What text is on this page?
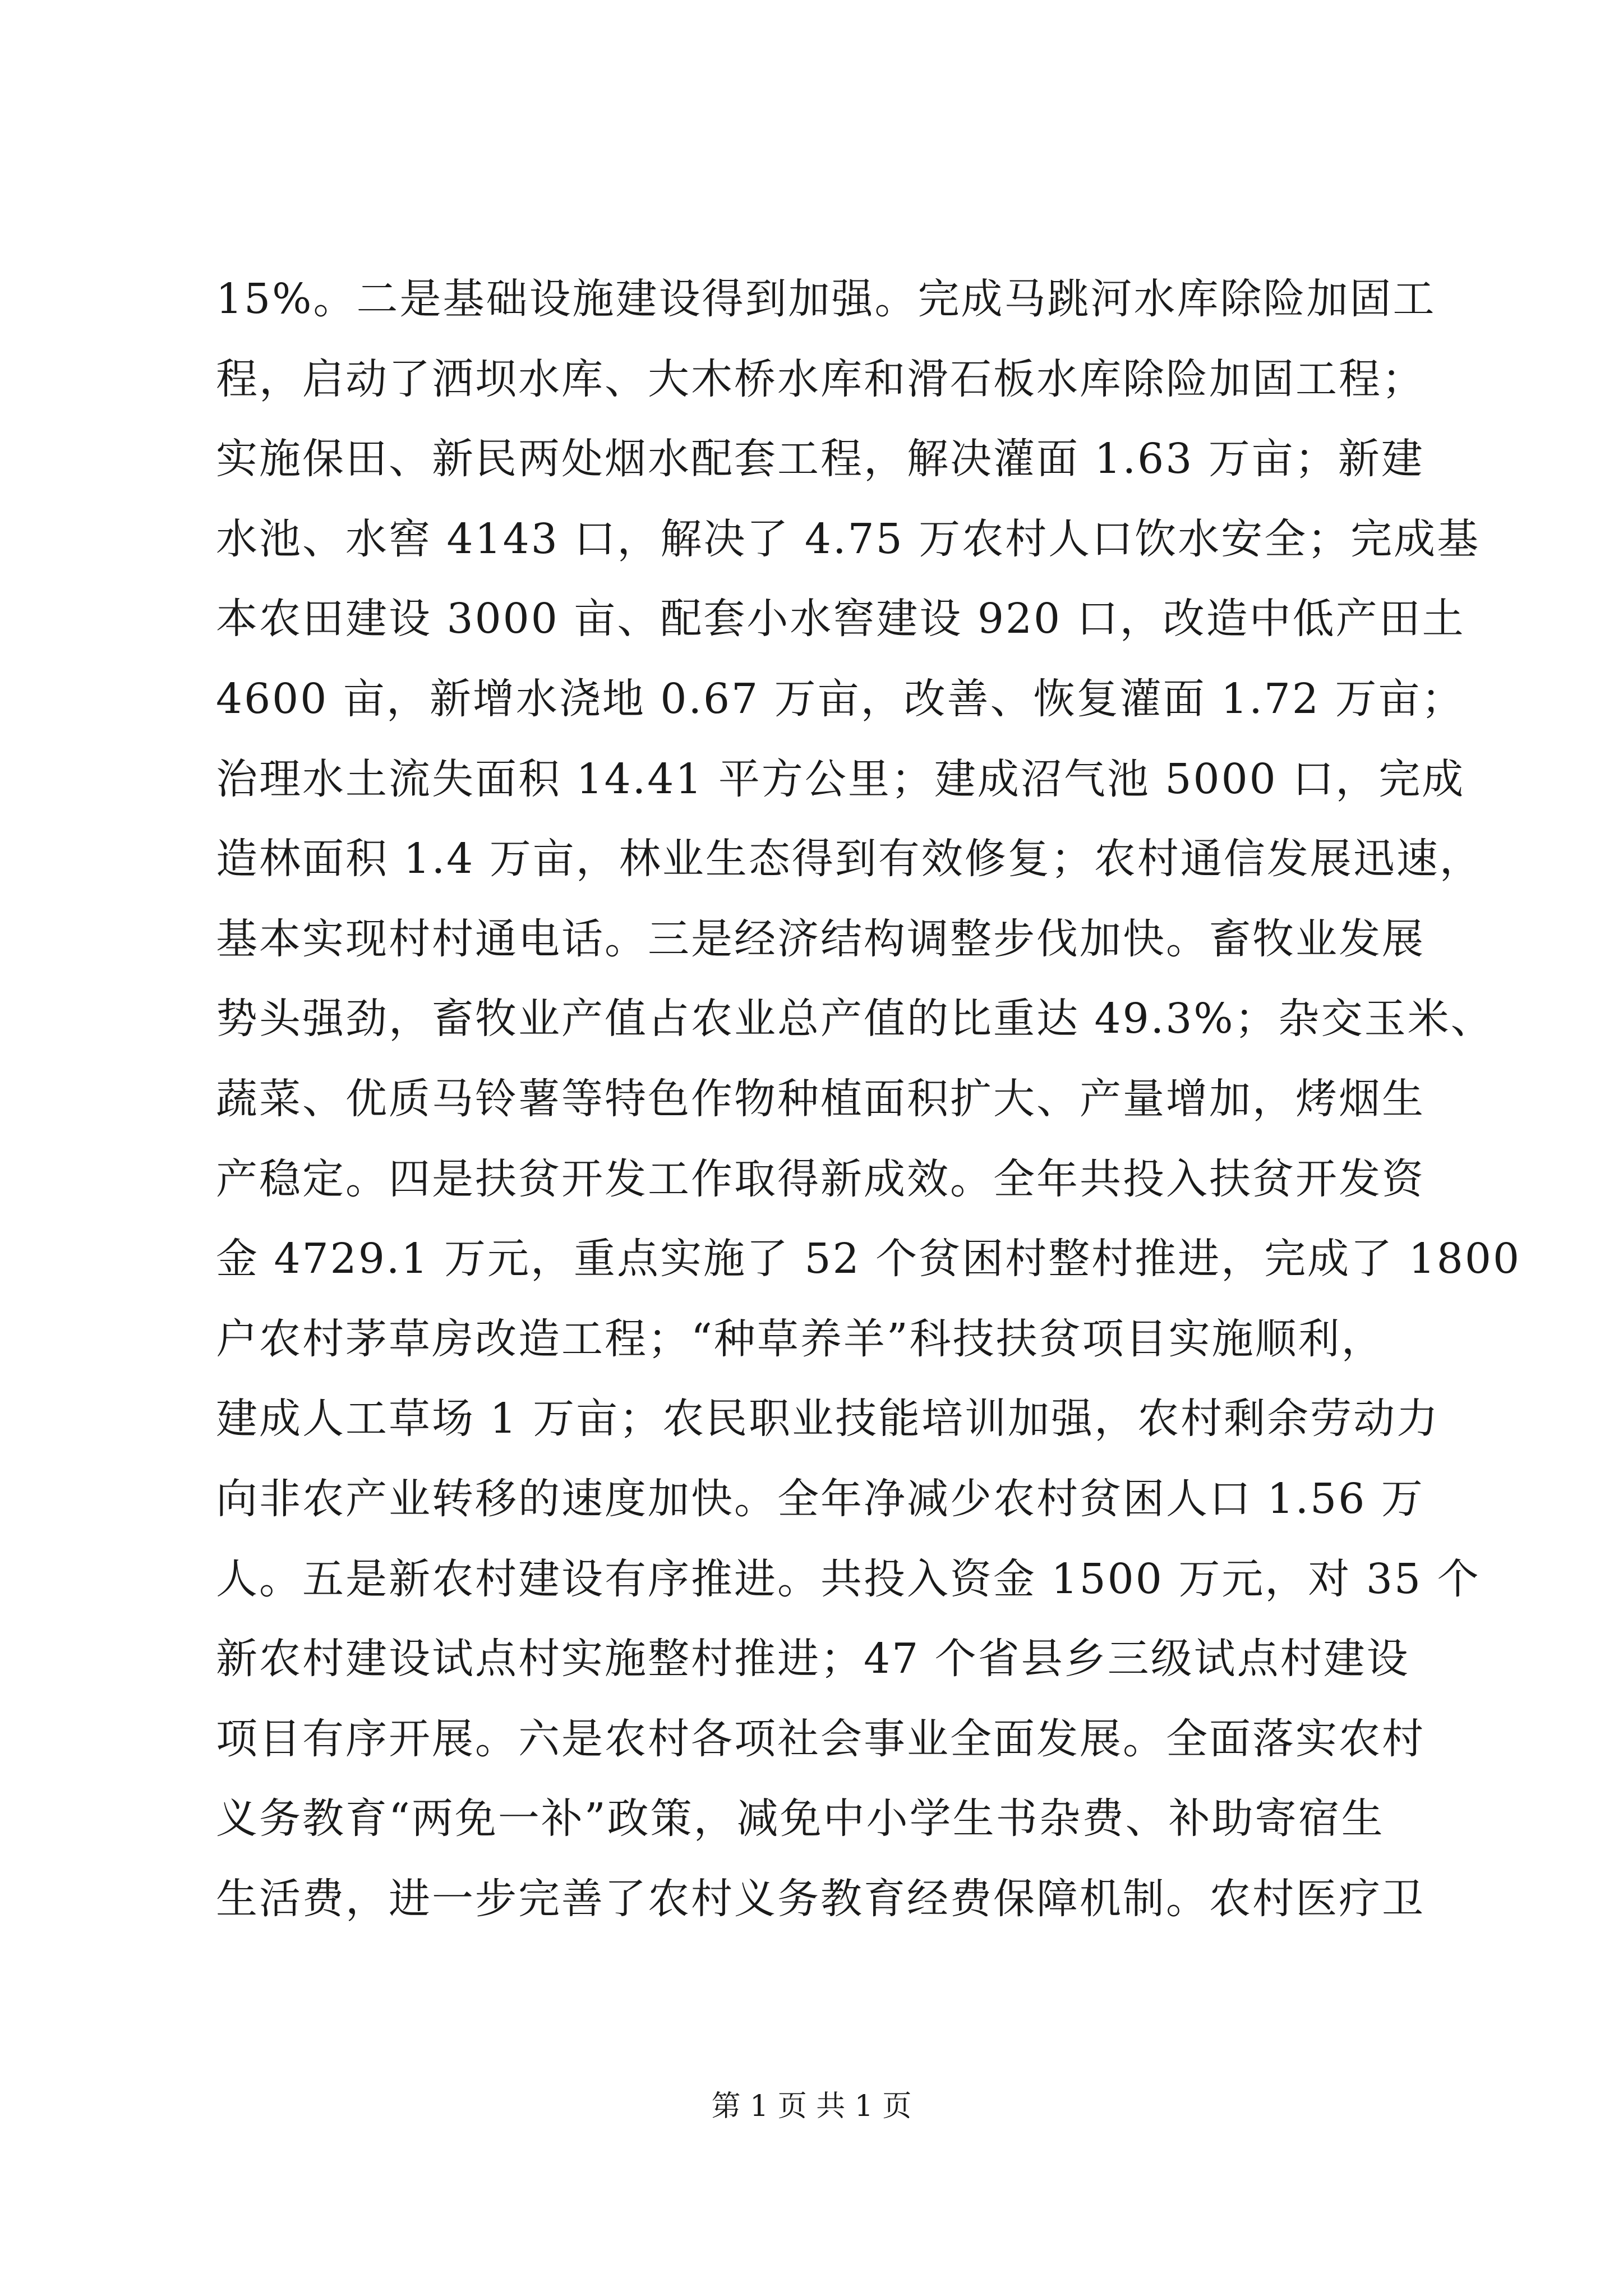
15%。二是基础设施建设得到加强。完成马跳河水库除险加固工
程，启动了洒坝水库、大木桥水库和滑石板水库除险加固工程；
实施保田、新民两处烟水配套工程，解决灌面 1.63 万亩；新建
水池、水窖 4143 口，解决了 4.75 万农村人口饮水安全；完成基
本农田建设 3000 亩、配套小水窖建设 920 口，改造中低产田土
4600 亩，新增水浇地 0.67 万亩，改善、恢复灌面 1.72 万亩；
治理水土流失面积 14.41 平方公里；建成沼气池 5000 口，完成
造林面积 1.4 万亩，林业生态得到有效修复；农村通信发展迅速，
基本实现村村通电话。三是经济结构调整步伐加快。畜牧业发展
势头强劲，畜牧业产值占农业总产值的比重达 49.3%；杂交玉米、
蔬菜、优质马铃薯等特色作物种植面积扩大、产量增加，烤烟生
产稳定。四是扶贫开发工作取得新成效。全年共投入扶贫开发资
金 4729.1 万元，重点实施了 52 个贫困村整村推进，完成了 1800
户农村茅草房改造工程；“种草养羊”科技扶贫项目实施顺利，
建成人工草场 1 万亩；农民职业技能培训加强，农村剩余劳动力
向非农产业转移的速度加快。全年净减少农村贫困人口 1.56 万
人。五是新农村建设有序推进。共投入资金 1500 万元，对 35 个
新农村建设试点村实施整村推进；47 个省县乡三级试点村建设
项目有序开展。六是农村各项社会事业全面发展。全面落实农村
义务教育“两免一补”政策，减免中小学生书杂费、补助寄宿生
生活费，进一步完善了农村义务教育经费保障机制。农村医疗卫
第 1 页 共 1 页
